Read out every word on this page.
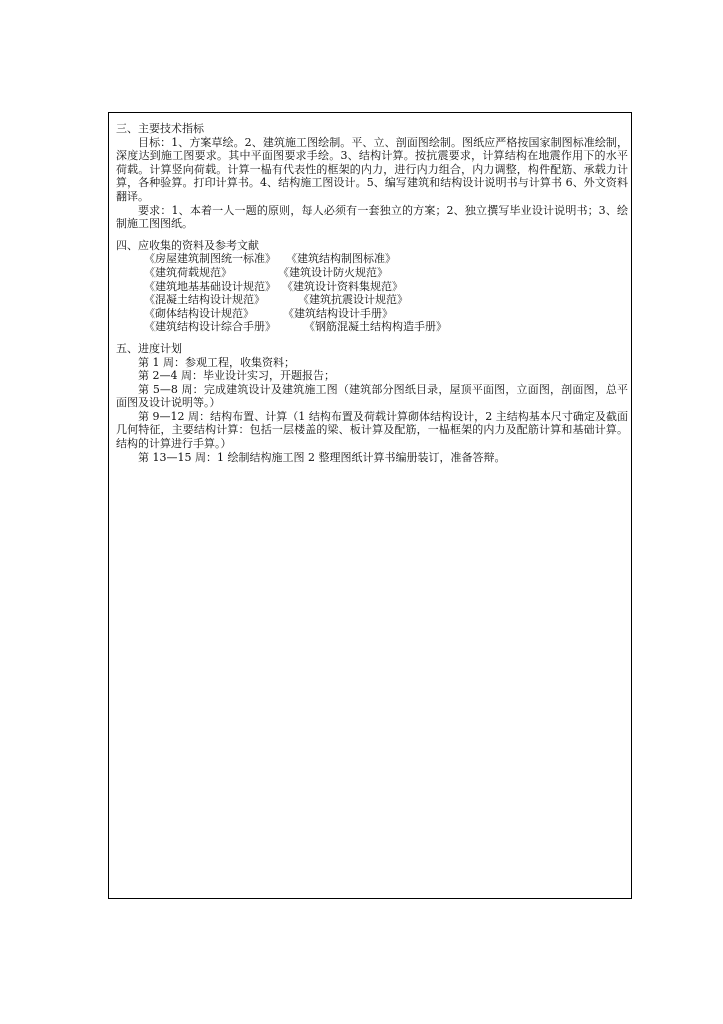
三、主要技术指标

目标：1、方案草绘。2、建筑施工图绘制。平、立、剖面图绘制。图纸应严格按国家制图标准绘制，深度达到施工图要求。其中平面图要求手绘。3、结构计算。按抗震要求，计算结构在地震作用下的水平荷载。计算竖向荷载。计算一榀有代表性的框架的内力，进行内力组合，内力调整，构件配筋、承载力计算，各种验算。打印计算书。4、结构施工图设计。5、编写建筑和结构设计说明书与计算书 6、外文资料翻译。

要求：1、本着一人一题的原则，每人必须有一套独立的方案；2、独立撰写毕业设计说明书；3、绘制施工图图纸。

四、应收集的资料及参考文献

《房屋建筑制图统一标准》 《建筑结构制图标准》

《建筑荷载规范》	《建筑设计防火规范》

《建筑地基基础设计规范》 《建筑设计资料集规范》

《混凝土结构设计规范》	《建筑抗震设计规范》

《砌体结构设计规范》	《建筑结构设计手册》

《建筑结构设计综合手册》	《钢筋混凝土结构构造手册》

五、进度计划

第 1 周：参观工程，收集资料；

第 2—4 周：毕业设计实习，开题报告；

第 5—8 周：完成建筑设计及建筑施工图（建筑部分图纸目录，屋顶平面图，立面图，剖面图，总平面图及设计说明等。）

第 9—12 周：结构布置、计算（1 结构布置及荷载计算砌体结构设计，2 主结构基本尺寸确定及截面几何特征，主要结构计算：包括一层楼盖的梁、板计算及配筋，一榀框架的内力及配筋计算和基础计算。结构的计算进行手算。）

第 13—15 周：1 绘制结构施工图 2 整理图纸计算书编册装订，准备答辩。
